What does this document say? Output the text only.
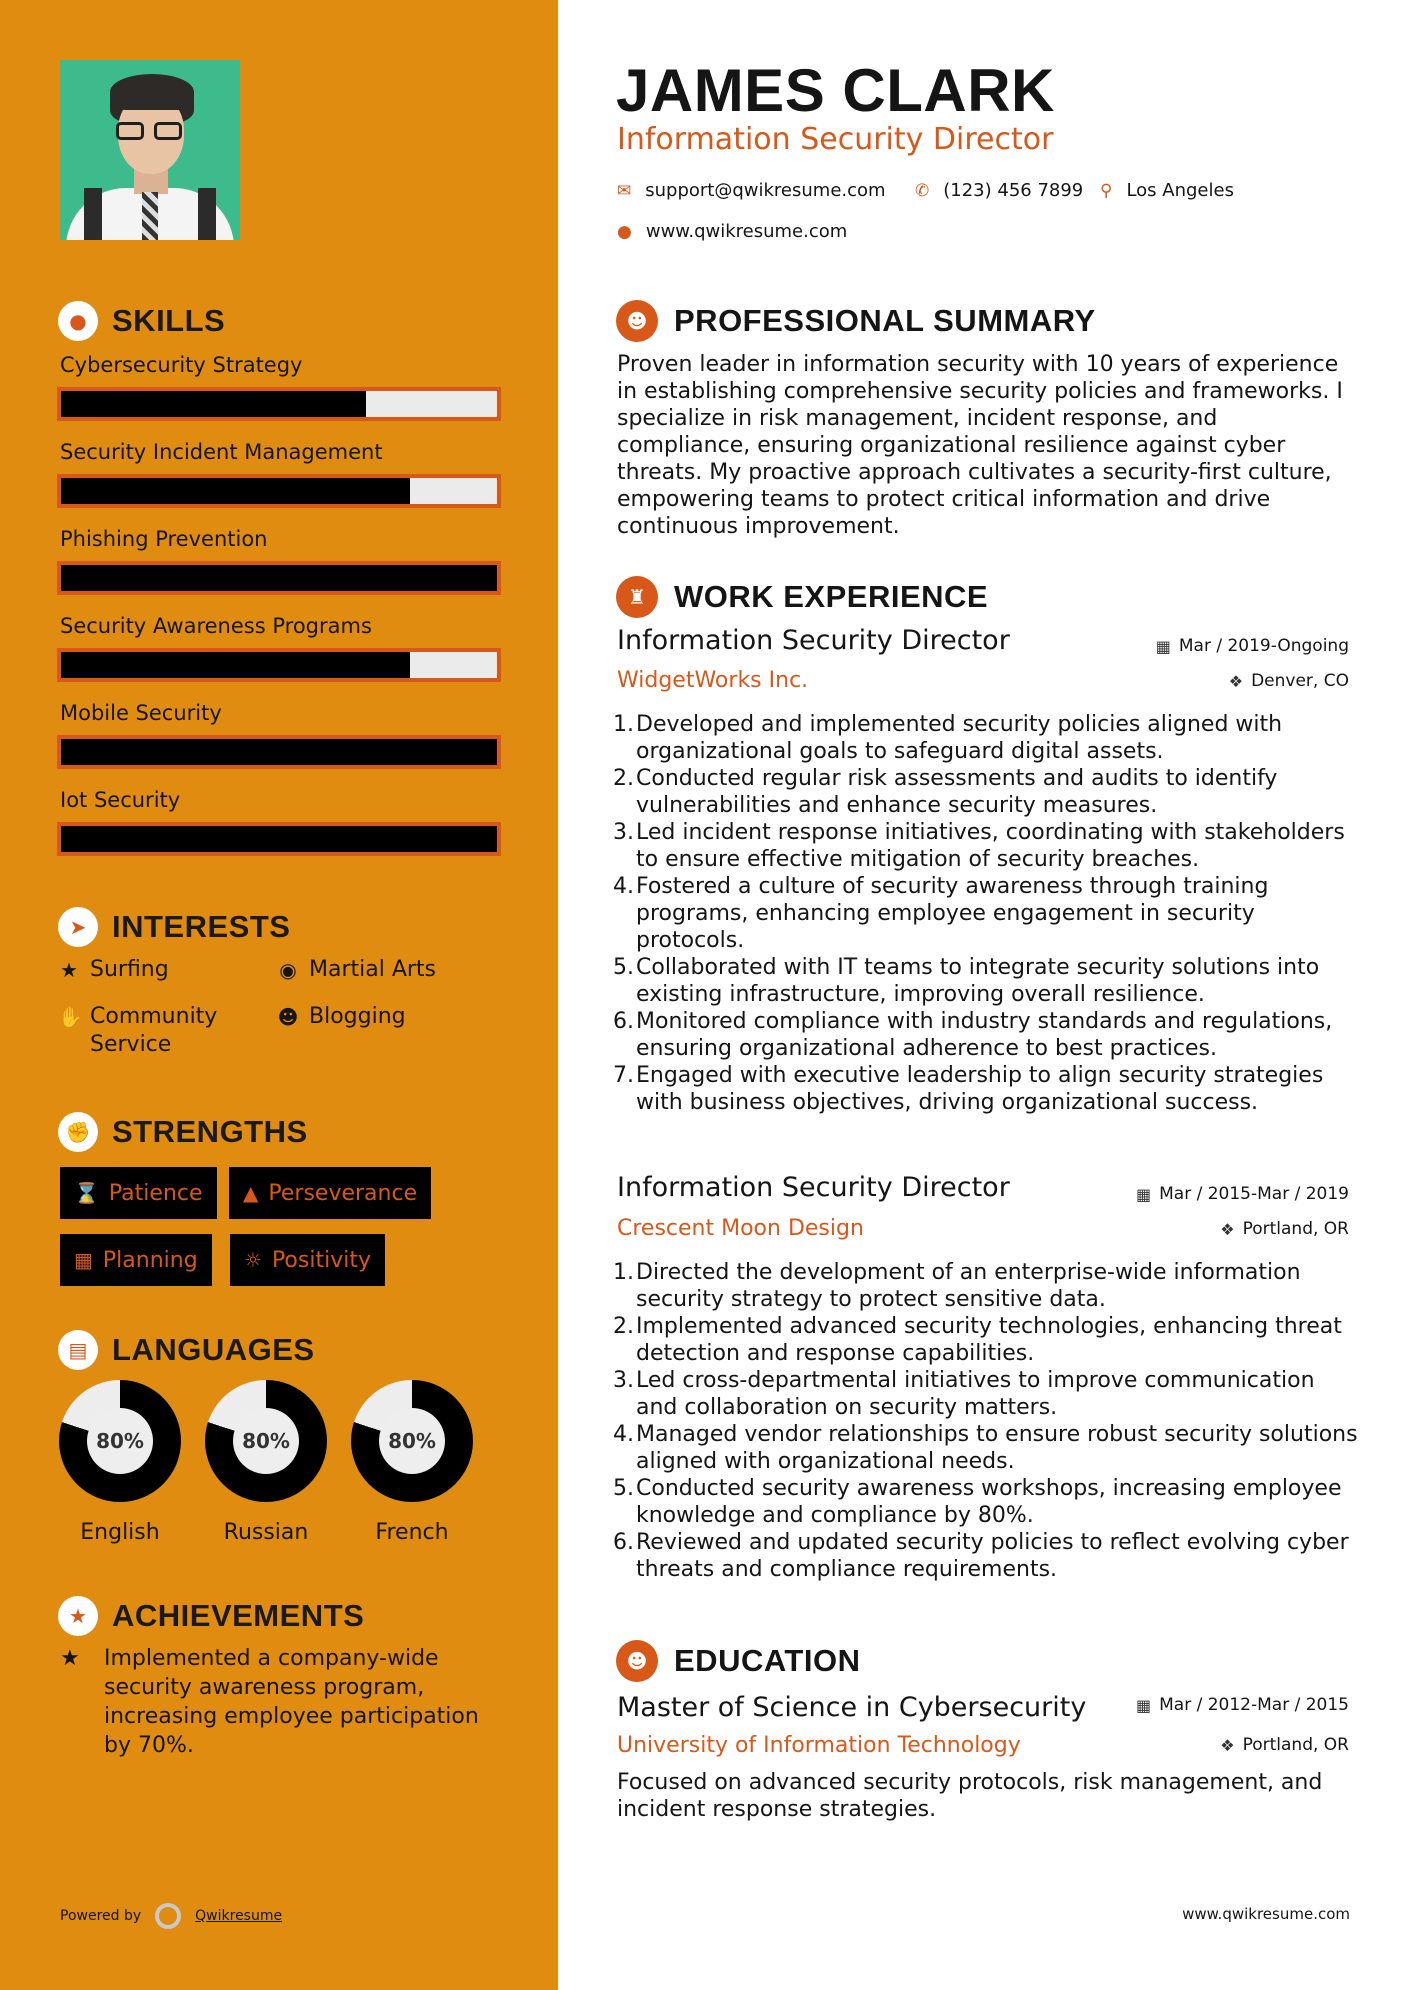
● SKILLS
Cybersecurity Strategy
Security Incident Management
Phishing Prevention
Security Awareness Programs
Mobile Security
Iot Security
➤ INTERESTS
★ Surfing	◉ Martial Arts
✋ Community Service
☻ Blogging
✊ STRENGTHS
⌛ Patience ▲ Perseverance
▦ Planning ☼ Positivity
▤ LANGUAGES
80%
English
80%
Russian
80%
French
★ ACHIEVEMENTS
★	Implemented a company-wide security awareness program, increasing employee participation by 70%.
Powered by	Qwikresume
JAMES CLARK
Information Security Director
✉ support@qwikresume.com ✆ (123) 456 7899 ⚲ Los Angeles
● www.qwikresume.com
☻ PROFESSIONAL SUMMARY
Proven leader in information security with 10 years of experience in establishing comprehensive security policies and frameworks. I specialize in risk management, incident response, and compliance, ensuring organizational resilience against cyber threats. My proactive approach cultivates a security-first culture, empowering teams to protect critical information and drive continuous improvement.
♜ WORK EXPERIENCE
Information Security Director	▦ Mar / 2019-Ongoing
WidgetWorks Inc.	❖ Denver, CO
1. Developed and implemented security policies aligned with organizational goals to safeguard digital assets.
2. Conducted regular risk assessments and audits to identify vulnerabilities and enhance security measures.
3. Led incident response initiatives, coordinating with stakeholders to ensure effective mitigation of security breaches.
4. Fostered a culture of security awareness through training programs, enhancing employee engagement in security protocols.
5. Collaborated with IT teams to integrate security solutions into existing infrastructure, improving overall resilience.
6. Monitored compliance with industry standards and regulations, ensuring organizational adherence to best practices.
7. Engaged with executive leadership to align security strategies with business objectives, driving organizational success.
Information Security Director	▦ Mar / 2015-Mar / 2019
Crescent Moon Design	❖ Portland, OR
1. Directed the development of an enterprise-wide information security strategy to protect sensitive data.
2. Implemented advanced security technologies, enhancing threat detection and response capabilities.
3. Led cross-departmental initiatives to improve communication and collaboration on security matters.
4. Managed vendor relationships to ensure robust security solutions aligned with organizational needs.
5. Conducted security awareness workshops, increasing employee knowledge and compliance by 80%.
6. Reviewed and updated security policies to reflect evolving cyber threats and compliance requirements.
☻ EDUCATION
Master of Science in Cybersecurity	▦ Mar / 2012-Mar / 2015
University of Information Technology	❖ Portland, OR
Focused on advanced security protocols, risk management, and incident response strategies.
www.qwikresume.com
